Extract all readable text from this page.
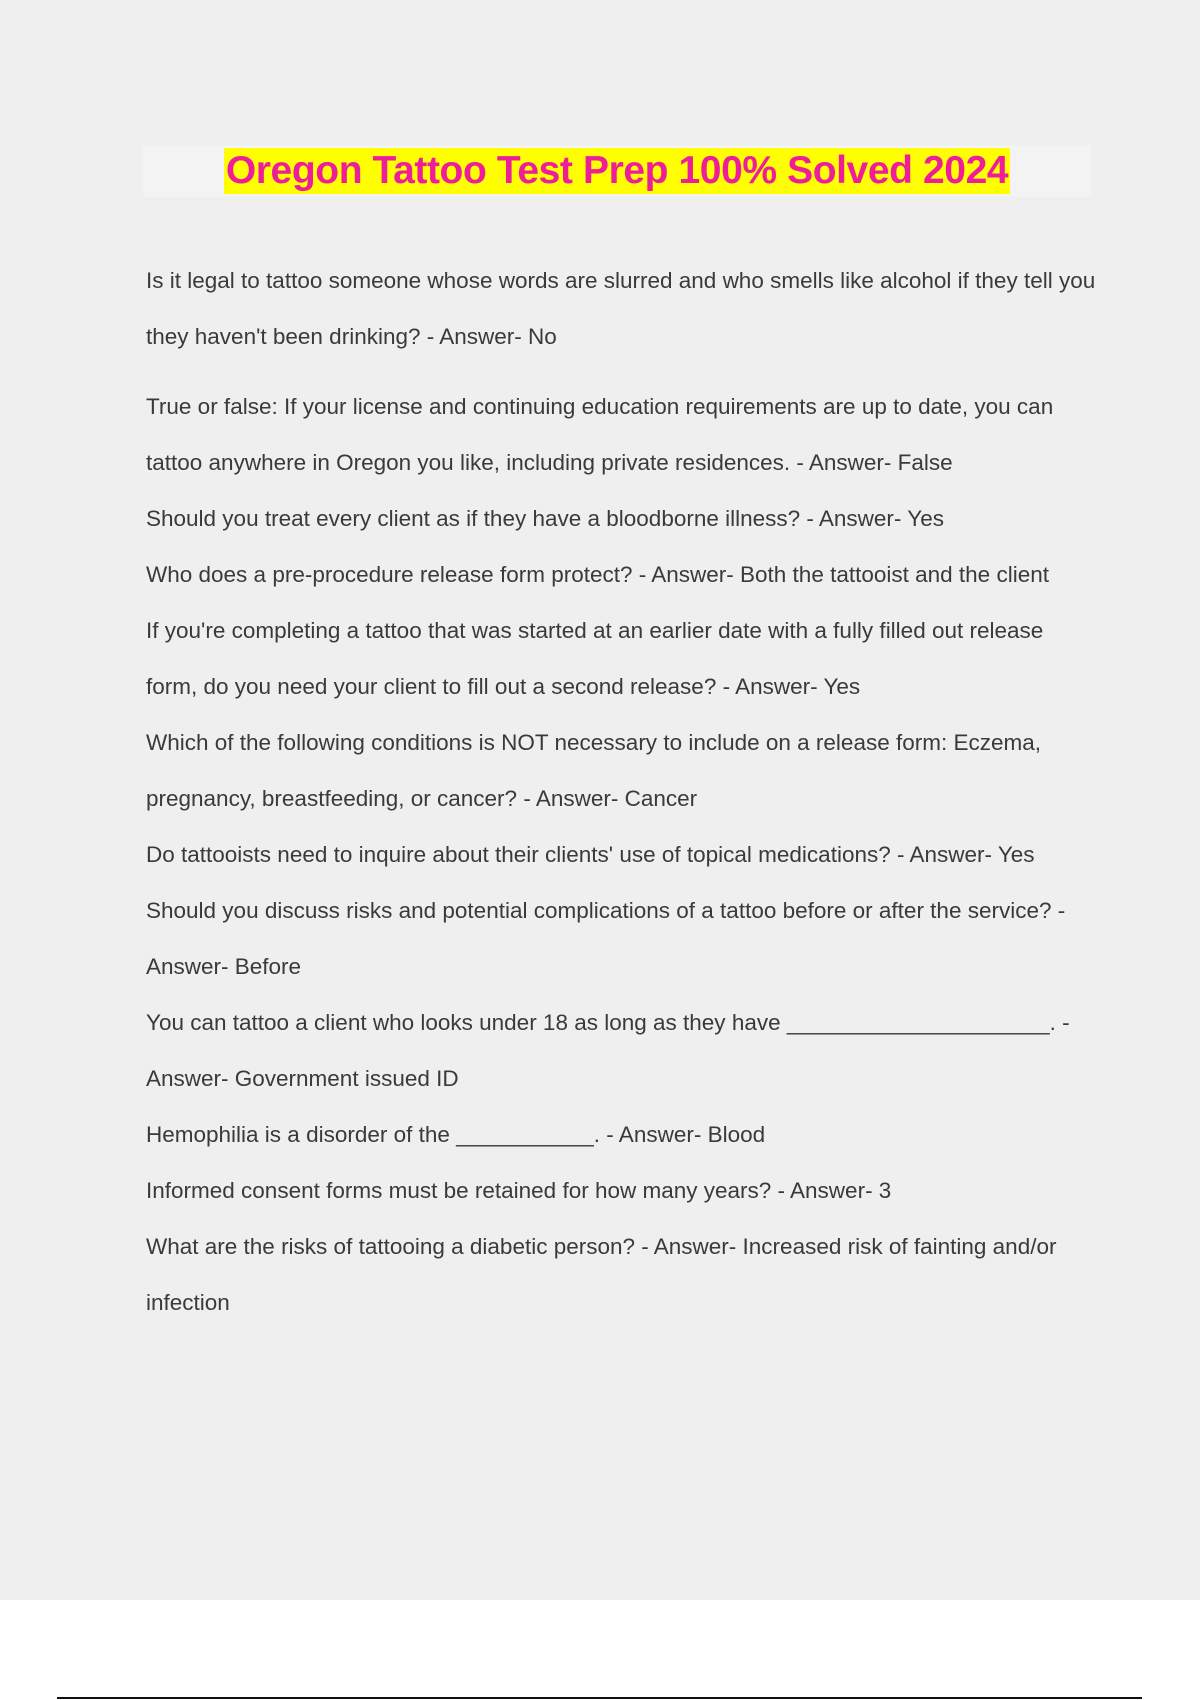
Oregon Tattoo Test Prep 100% Solved 2024

Is it legal to tattoo someone whose words are slurred and who smells like alcohol if they tell you they haven't been drinking? - Answer- No

True or false: If your license and continuing education requirements are up to date, you can tattoo anywhere in Oregon you like, including private residences. - Answer- False

Should you treat every client as if they have a bloodborne illness? - Answer- Yes

Who does a pre-procedure release form protect? - Answer- Both the tattooist and the client

If you're completing a tattoo that was started at an earlier date with a fully filled out release form, do you need your client to fill out a second release? - Answer- Yes

Which of the following conditions is NOT necessary to include on a release form: Eczema, pregnancy, breastfeeding, or cancer? - Answer- Cancer

Do tattooists need to inquire about their clients' use of topical medications? - Answer- Yes

Should you discuss risks and potential complications of a tattoo before or after the service? - Answer- Before

You can tattoo a client who looks under 18 as long as they have _____________________. - Answer- Government issued ID

Hemophilia is a disorder of the ___________. - Answer- Blood

Informed consent forms must be retained for how many years? - Answer- 3

What are the risks of tattooing a diabetic person? - Answer- Increased risk of fainting and/or infection
